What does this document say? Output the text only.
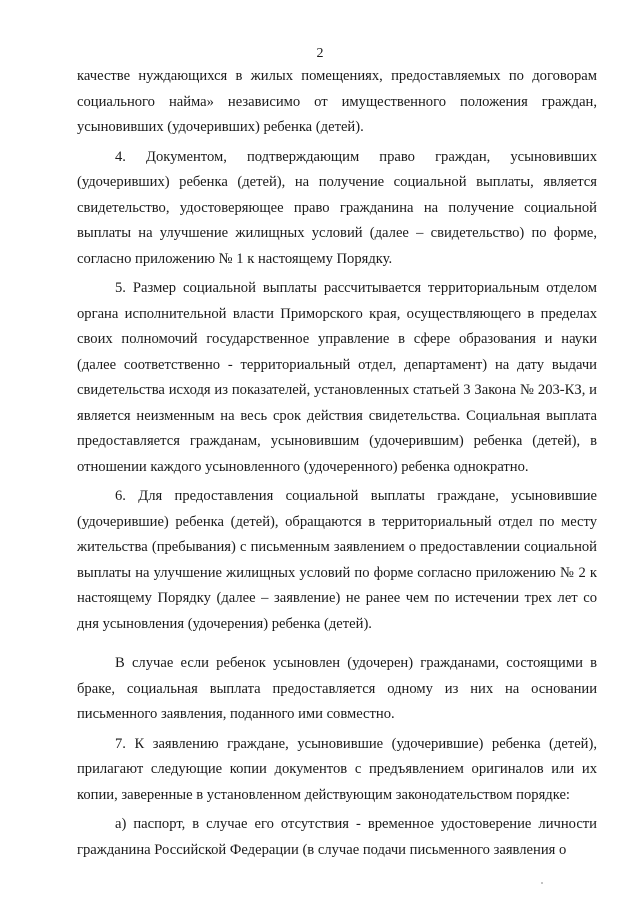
2

качестве нуждающихся в жилых помещениях, предоставляемых по договорам социального найма» независимо от имущественного положения граждан, усыновивших (удочеривших) ребенка (детей).

4. Документом, подтверждающим право граждан, усыновивших (удочеривших) ребенка (детей), на получение социальной выплаты, является свидетельство, удостоверяющее право гражданина на получение социальной выплаты на улучшение жилищных условий (далее – свидетельство) по форме, согласно приложению № 1 к настоящему Порядку.

5. Размер социальной выплаты рассчитывается территориальным отделом органа исполнительной власти Приморского края, осуществляющего в пределах своих полномочий государственное управление в сфере образования и науки (далее соответственно - территориальный отдел, департамент) на дату выдачи свидетельства исходя из показателей, установленных статьей 3 Закона № 203-КЗ, и является неизменным на весь срок действия свидетельства. Социальная выплата предоставляется гражданам, усыновившим (удочерившим) ребенка (детей), в отношении каждого усыновленного (удочеренного) ребенка однократно.

6. Для предоставления социальной выплаты граждане, усыновившие (удочерившие) ребенка (детей), обращаются в территориальный отдел по месту жительства (пребывания) с письменным заявлением о предоставлении социальной выплаты на улучшение жилищных условий по форме согласно приложению № 2 к настоящему Порядку (далее – заявление) не ранее чем по истечении трех лет со дня усыновления (удочерения) ребенка (детей).

В случае если ребенок усыновлен (удочерен) гражданами, состоящими в браке, социальная выплата предоставляется одному из них на основании письменного заявления, поданного ими совместно.

7. К заявлению граждане, усыновившие (удочерившие) ребенка (детей), прилагают следующие копии документов с предъявлением оригиналов или их копии, заверенные в установленном действующим законодательством порядке:

а) паспорт, в случае его отсутствия - временное удостоверение личности гражданина Российской Федерации (в случае подачи письменного заявления о
